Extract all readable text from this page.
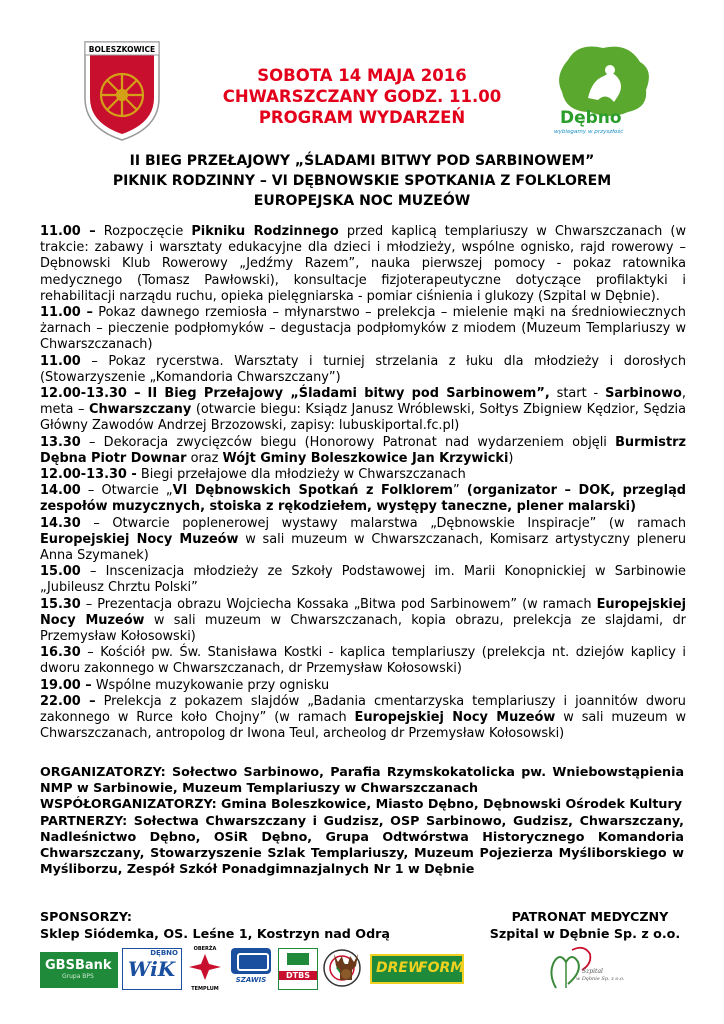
BOLESZKOWICE
Dębno
wybiegamy w przyszłość
SOBOTA 14 MAJA 2016
CHWARSZCZANY GODZ. 11.00
PROGRAM WYDARZEŃ
II BIEG PRZEŁAJOWY „ŚLADAMI BITWY POD SARBINOWEM”
PIKNIK RODZINNY – VI DĘBNOWSKIE SPOTKANIA Z FOLKLOREM
EUROPEJSKA NOC MUZEÓW

11.00 – Rozpoczęcie Pikniku Rodzinnego przed kaplicą templariuszy w Chwarszczanach (w trakcie: zabawy i warsztaty edukacyjne dla dzieci i młodzieży, wspólne ognisko, rajd rowerowy – Dębnowski Klub Rowerowy „Jedźmy Razem”, nauka pierwszej pomocy - pokaz ratownika medycznego (Tomasz Pawłowski), konsultacje fizjoterapeutyczne dotyczące profilaktyki i rehabilitacji narządu ruchu, opieka pielęgniarska - pomiar ciśnienia i glukozy (Szpital w Dębnie).

11.00 – Pokaz dawnego rzemiosła – młynarstwo – prelekcja – mielenie mąki na średniowiecznych żarnach – pieczenie podpłomyków – degustacja podpłomyków z miodem (Muzeum Templariuszy w Chwarszczanach)

11.00 – Pokaz rycerstwa. Warsztaty i turniej strzelania z łuku dla młodzieży i dorosłych (Stowarzyszenie „Komandoria Chwarszczany”)

12.00-13.30 – II Bieg Przełajowy „Śladami bitwy pod Sarbinowem”, start - Sarbinowo, meta – Chwarszczany (otwarcie biegu: Ksiądz Janusz Wróblewski, Sołtys Zbigniew Kędzior, Sędzia Główny Zawodów Andrzej Brzozowski, zapisy: lubuskiportal.fc.pl)

13.30 – Dekoracja zwycięzców biegu (Honorowy Patronat nad wydarzeniem objęli Burmistrz Dębna Piotr Downar oraz Wójt Gminy Boleszkowice Jan Krzywicki)

12.00-13.30 - Biegi przełajowe dla młodzieży w Chwarszczanach

14.00 – Otwarcie „VI Dębnowskich Spotkań z Folklorem” (organizator – DOK, przegląd zespołów muzycznych, stoiska z rękodziełem, występy taneczne, plener malarski)

14.30 – Otwarcie poplenerowej wystawy malarstwa „Dębnowskie Inspiracje” (w ramach Europejskiej Nocy Muzeów w sali muzeum w Chwarszczanach, Komisarz artystyczny pleneru Anna Szymanek)

15.00 – Inscenizacja młodzieży ze Szkoły Podstawowej im. Marii Konopnickiej w Sarbinowie „Jubileusz Chrztu Polski”

15.30 – Prezentacja obrazu Wojciecha Kossaka „Bitwa pod Sarbinowem” (w ramach Europejskiej Nocy Muzeów w sali muzeum w Chwarszczanach, kopia obrazu, prelekcja ze slajdami, dr Przemysław Kołosowski)

16.30 – Kościół pw. Św. Stanisława Kostki - kaplica templariuszy (prelekcja nt. dziejów kaplicy i dworu zakonnego w Chwarszczanach, dr Przemysław Kołosowski)

19.00 – Wspólne muzykowanie przy ognisku

22.00 – Prelekcja z pokazem slajdów „Badania cmentarzyska templariuszy i joannitów dworu zakonnego w Rurce koło Chojny” (w ramach Europejskiej Nocy Muzeów w sali muzeum w Chwarszczanach, antropolog dr Iwona Teul, archeolog dr Przemysław Kołosowski)

ORGANIZATORZY: Sołectwo Sarbinowo, Parafia Rzymskokatolicka pw. Wniebowstąpienia NMP w Sarbinowie, Muzeum Templariuszy w Chwarszczanach

WSPÓŁORGANIZATORZY: Gmina Boleszkowice, Miasto Dębno, Dębnowski Ośrodek Kultury

PARTNERZY: Sołectwa Chwarszczany i Gudzisz, OSP Sarbinowo, Gudzisz, Chwarszczany, Nadleśnictwo Dębno, OSiR Dębno, Grupa Odtwórstwa Historycznego Komandoria Chwarszczany, Stowarzyszenie Szlak Templariuszy, Muzeum Pojezierza Myśliborskiego w Myśliborzu, Zespół Szkół Ponadgimnazjalnych Nr 1 w Dębnie

SPONSORZY:
Sklep Siódemka, OS. Leśne 1, Kostrzyn nad Odrą
PATRONAT MEDYCZNY
Szpital w Dębnie Sp. z o.o.
GBSBank
Grupa BPS
DĘBNO
WiK
OBERŻA
TEMPLUM
SZAWIS	DTBS	DREW
FORM	Szpital
w Dębnie Sp. z o.o.
